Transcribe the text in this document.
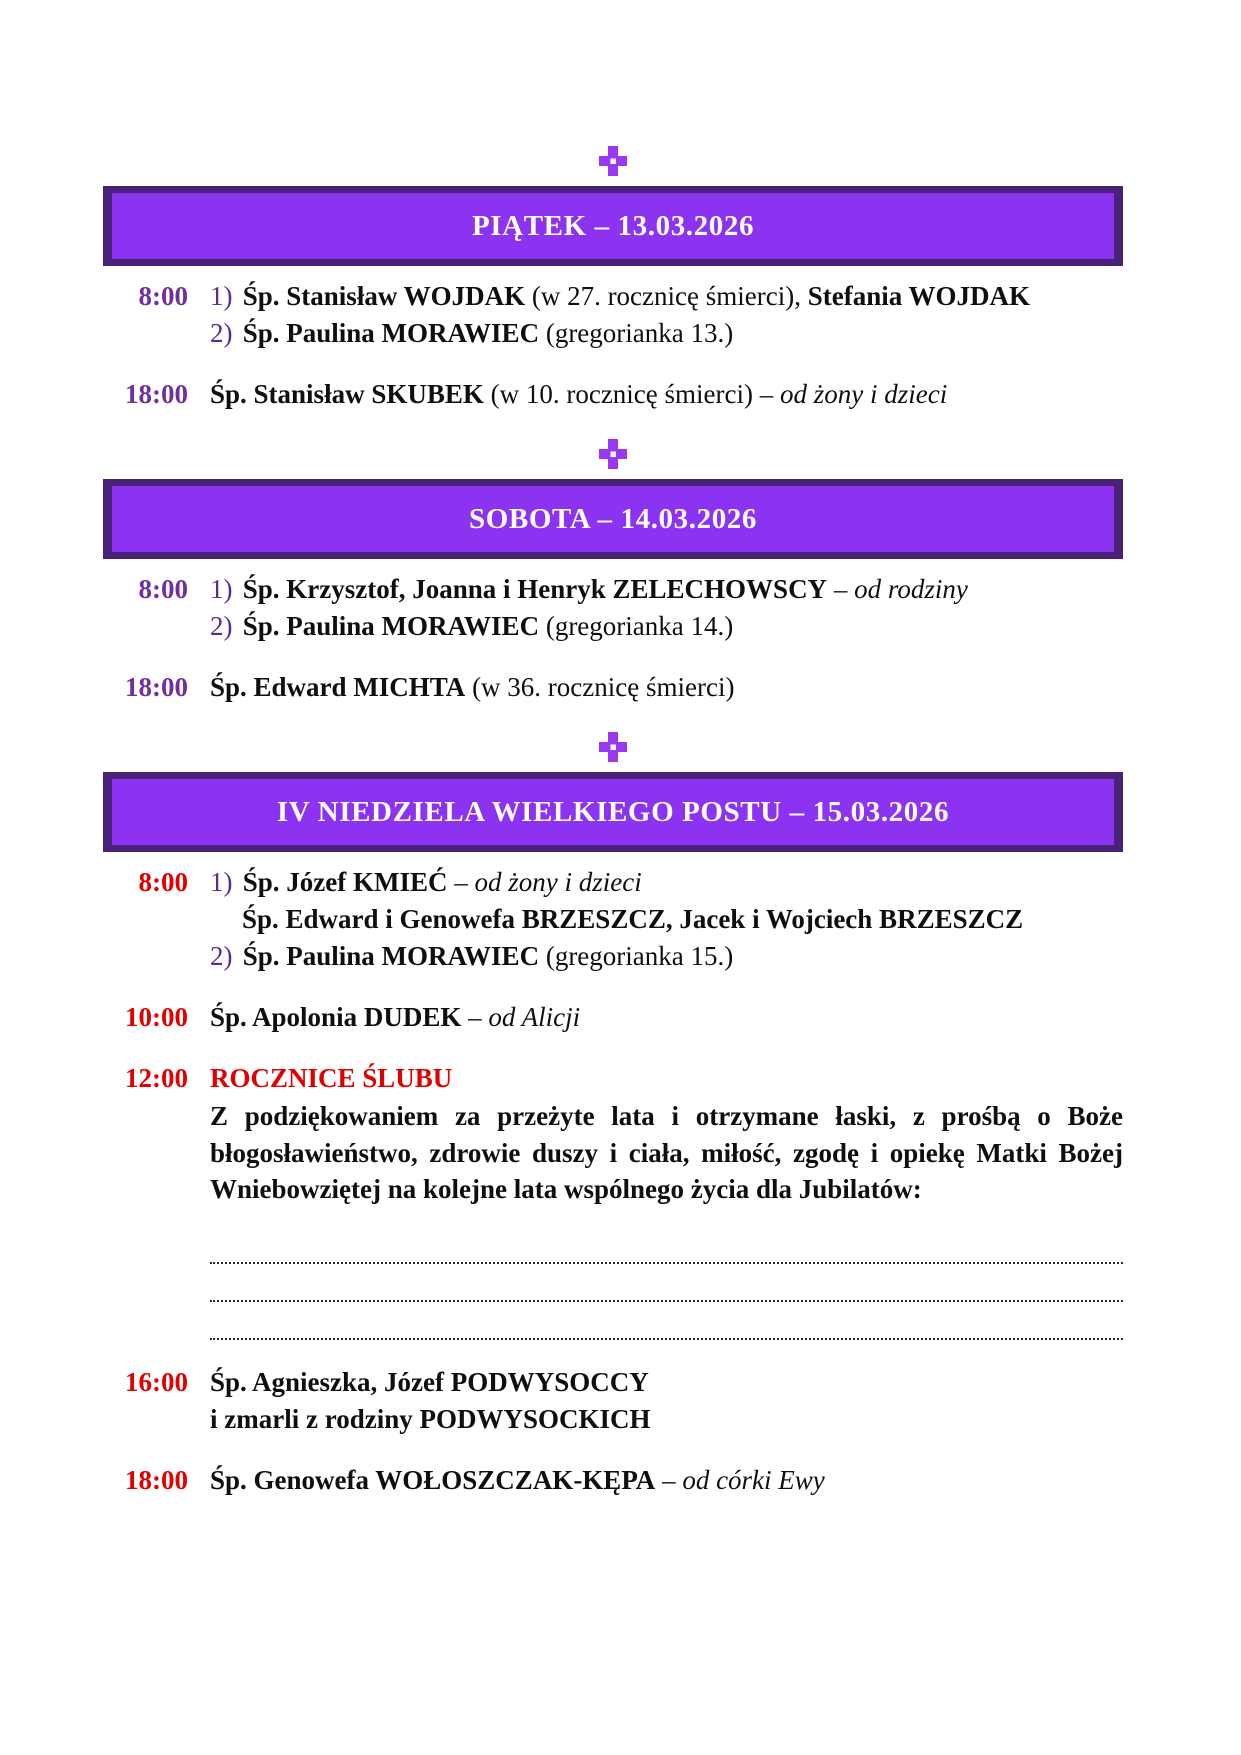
PIĄTEK – 13.03.2026
8:00 1) Śp. Stanisław WOJDAK (w 27. rocznicę śmierci), Stefania WOJDAK
2) Śp. Paulina MORAWIEC (gregorianka 13.)
18:00 Śp. Stanisław SKUBEK (w 10. rocznicę śmierci) – od żony i dzieci
SOBOTA – 14.03.2026
8:00 1) Śp. Krzysztof, Joanna i Henryk ZELECHOWSCY – od rodziny
2) Śp. Paulina MORAWIEC (gregorianka 14.)
18:00 Śp. Edward MICHTA (w 36. rocznicę śmierci)
IV NIEDZIELA WIELKIEGO POSTU – 15.03.2026
8:00 1) Śp. Józef KMIEĆ – od żony i dzieci
Śp. Edward i Genowefa BRZESZCZ, Jacek i Wojciech BRZESZCZ
2) Śp. Paulina MORAWIEC (gregorianka 15.)
10:00 Śp. Apolonia DUDEK – od Alicji
12:00 ROCZNICE ŚLUBU
Z podziękowaniem za przeżyte lata i otrzymane łaski, z prośbą o Boże błogosławieństwo, zdrowie duszy i ciała, miłość, zgodę i opiekę Matki Bożej Wniebowziętej na kolejne lata wspólnego życia dla Jubilatów:
16:00 Śp. Agnieszka, Józef PODWYSOCCY
i zmarli z rodziny PODWYSOCKICH
18:00 Śp. Genowefa WOŁOSZCZAK-KĘPA – od córki Ewy
